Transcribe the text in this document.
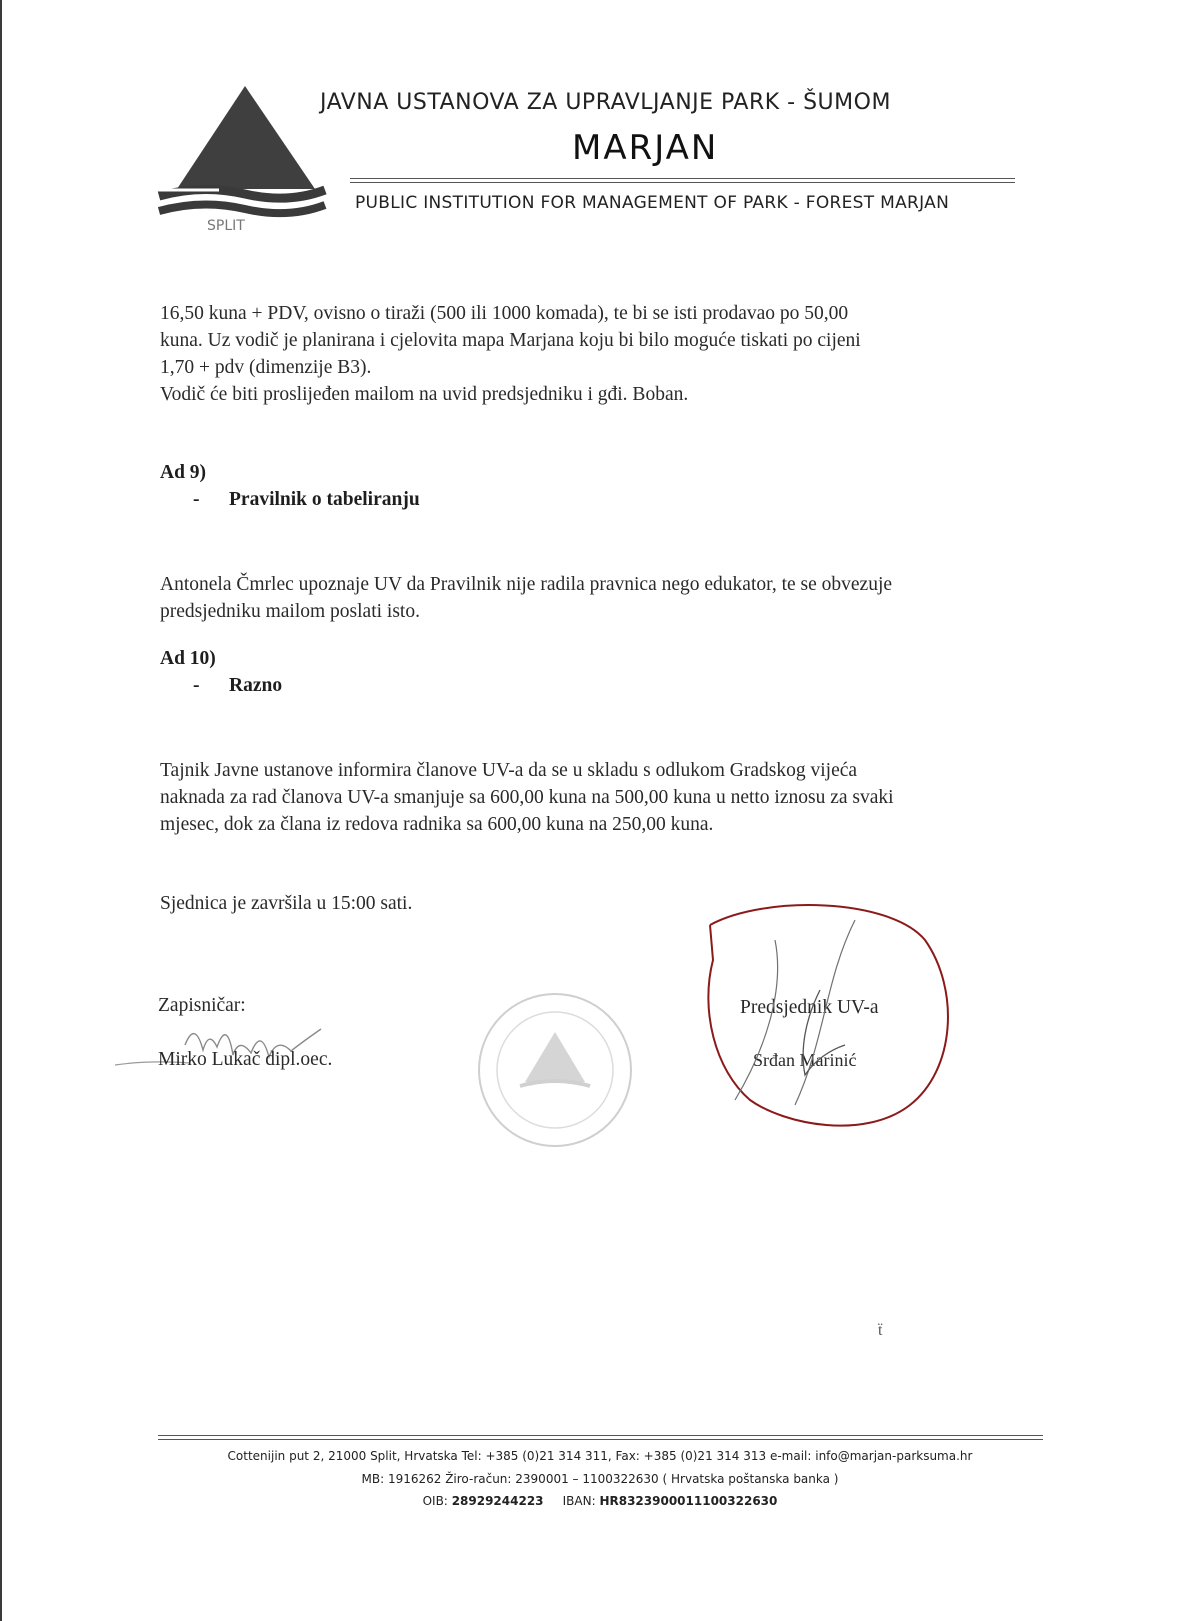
SPLIT
JAVNA USTANOVA ZA UPRAVLJANJE PARK - ŠUMOM
MARJAN
PUBLIC INSTITUTION FOR MANAGEMENT OF PARK - FOREST MARJAN
16,50 kuna + PDV, ovisno o tiraži (500 ili 1000 komada), te bi se isti prodavao po 50,00
kuna. Uz vodič je planirana i cjelovita mapa Marjana koju bi bilo moguće tiskati po cijeni
1,70 + pdv (dimenzije B3).
Vodič će biti proslijeđen mailom na uvid predsjedniku i gđi. Boban.
Ad 9)
- Pravilnik o tabeliranju
Antonela Čmrlec upoznaje UV da Pravilnik nije radila pravnica nego edukator, te se obvezuje
predsjedniku mailom poslati isto.
Ad 10)
- Razno
Tajnik Javne ustanove informira članove UV-a da se u skladu s odlukom Gradskog vijeća
naknada za rad članova UV-a smanjuje sa 600,00 kuna na 500,00 kuna u netto iznosu za svaki
mjesec, dok za člana iz redova radnika sa 600,00 kuna na 250,00 kuna.
Sjednica je završila u 15:00 sati.
Zapisničar:
Mirko Lukač dipl.oec.
Predsjednik UV-a
Srđan Marinić
ẗ
Cottenijin put 2, 21000 Split, Hrvatska Tel: +385 (0)21 314 311, Fax: +385 (0)21 314 313 e-mail: info@marjan-parksuma.hr
MB: 1916262 Žiro-račun: 2390001 – 1100322630 ( Hrvatska poštanska banka )
OIB: 28929244223 IBAN: HR8323900011100322630
